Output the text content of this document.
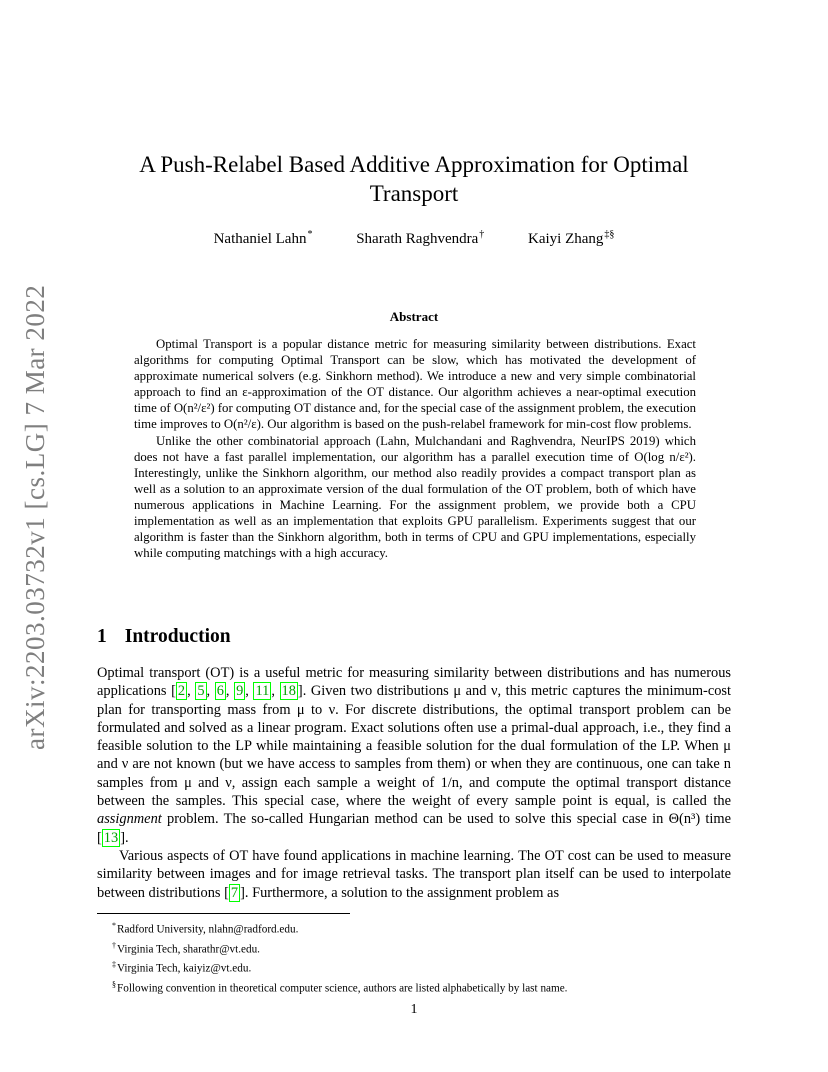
arXiv:2203.03732v1 [cs.LG] 7 Mar 2022
A Push-Relabel Based Additive Approximation for Optimal Transport
Nathaniel Lahn*	Sharath Raghvendra†	Kaiyi Zhang‡§
Abstract

Optimal Transport is a popular distance metric for measuring similarity between distributions. Exact algorithms for computing Optimal Transport can be slow, which has motivated the development of approximate numerical solvers (e.g. Sinkhorn method). We introduce a new and very simple combinatorial approach to find an ε-approximation of the OT distance. Our algorithm achieves a near-optimal execution time of O(n²/ε²) for computing OT distance and, for the special case of the assignment problem, the execution time improves to O(n²/ε). Our algorithm is based on the push-relabel framework for min-cost flow problems.

Unlike the other combinatorial approach (Lahn, Mulchandani and Raghvendra, NeurIPS 2019) which does not have a fast parallel implementation, our algorithm has a parallel execution time of O(log n/ε²). Interestingly, unlike the Sinkhorn algorithm, our method also readily provides a compact transport plan as well as a solution to an approximate version of the dual formulation of the OT problem, both of which have numerous applications in Machine Learning. For the assignment problem, we provide both a CPU implementation as well as an implementation that exploits GPU parallelism. Experiments suggest that our algorithm is faster than the Sinkhorn algorithm, both in terms of CPU and GPU implementations, especially while computing matchings with a high accuracy.

1 Introduction

Optimal transport (OT) is a useful metric for measuring similarity between distributions and has numerous applications [ 2 , 5 , 6 , 9 , 11 , 18 ]. Given two distributions μ and ν, this metric captures the minimum-cost plan for transporting mass from μ to ν. For discrete distributions, the optimal transport problem can be formulated and solved as a linear program. Exact solutions often use a primal-dual approach, i.e., they find a feasible solution to the LP while maintaining a feasible solution for the dual formulation of the LP. When μ and ν are not known (but we have access to samples from them) or when they are continuous, one can take n samples from μ and ν, assign each sample a weight of 1/n, and compute the optimal transport distance between the samples. This special case, where the weight of every sample point is equal, is called the assignment problem. The so-called Hungarian method can be used to solve this special case in Θ(n³) time [ 13 ].

Various aspects of OT have found applications in machine learning. The OT cost can be used to measure similarity between images and for image retrieval tasks. The transport plan itself can be used to interpolate between distributions [ 7 ]. Furthermore, a solution to the assignment problem as

*Radford University, nlahn@radford.edu.
†Virginia Tech, sharathr@vt.edu.
‡Virginia Tech, kaiyiz@vt.edu.
§Following convention in theoretical computer science, authors are listed alphabetically by last name.
1
